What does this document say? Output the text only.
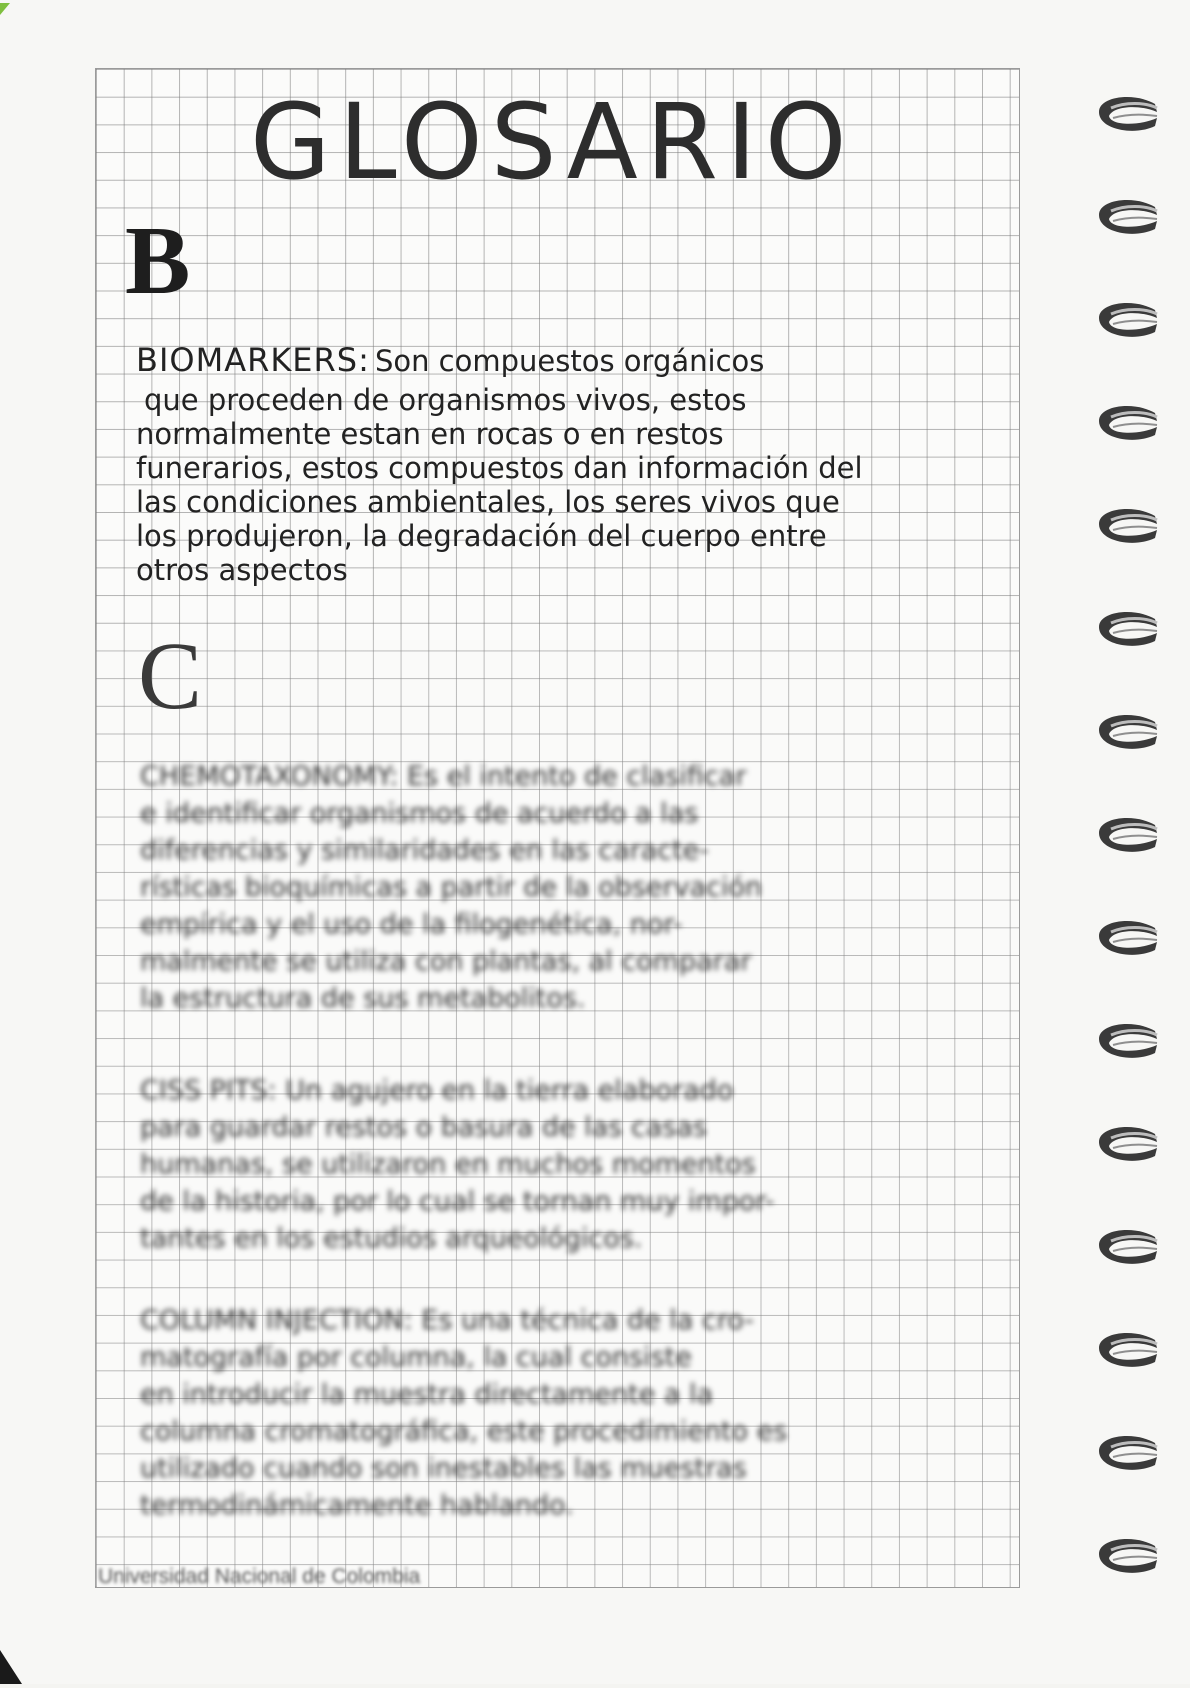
GLOSARIO
B
BIOMARKERS: Son compuestos orgánicos
que proceden de organismos vivos, estos
normalmente estan en rocas o en restos
funerarios, estos compuestos dan información del
las condiciones ambientales, los seres vivos que
los produjeron, la degradación del cuerpo entre
otros aspectos
C
CHEMOTAXONOMY: Es el intento de clasificar
e identificar organismos de acuerdo a las
diferencias y similaridades en las caracte-
rísticas bioquímicas a partir de la observación
empírica y el uso de la filogenética, nor-
malmente se utiliza con plantas, al comparar
la estructura de sus metabolitos.
CISS PITS: Un agujero en la tierra elaborado
para guardar restos o basura de las casas
humanas, se utilizaron en muchos momentos
de la historia, por lo cual se tornan muy impor-
tantes en los estudios arqueológicos.
COLUMN INJECTION: Es una técnica de la cro-
matografía por columna, la cual consiste
en introducir la muestra directamente a la
columna cromatográfica, este procedimiento es
utilizado cuando son inestables las muestras
termodinámicamente hablando.
Universidad Nacional de Colombia
